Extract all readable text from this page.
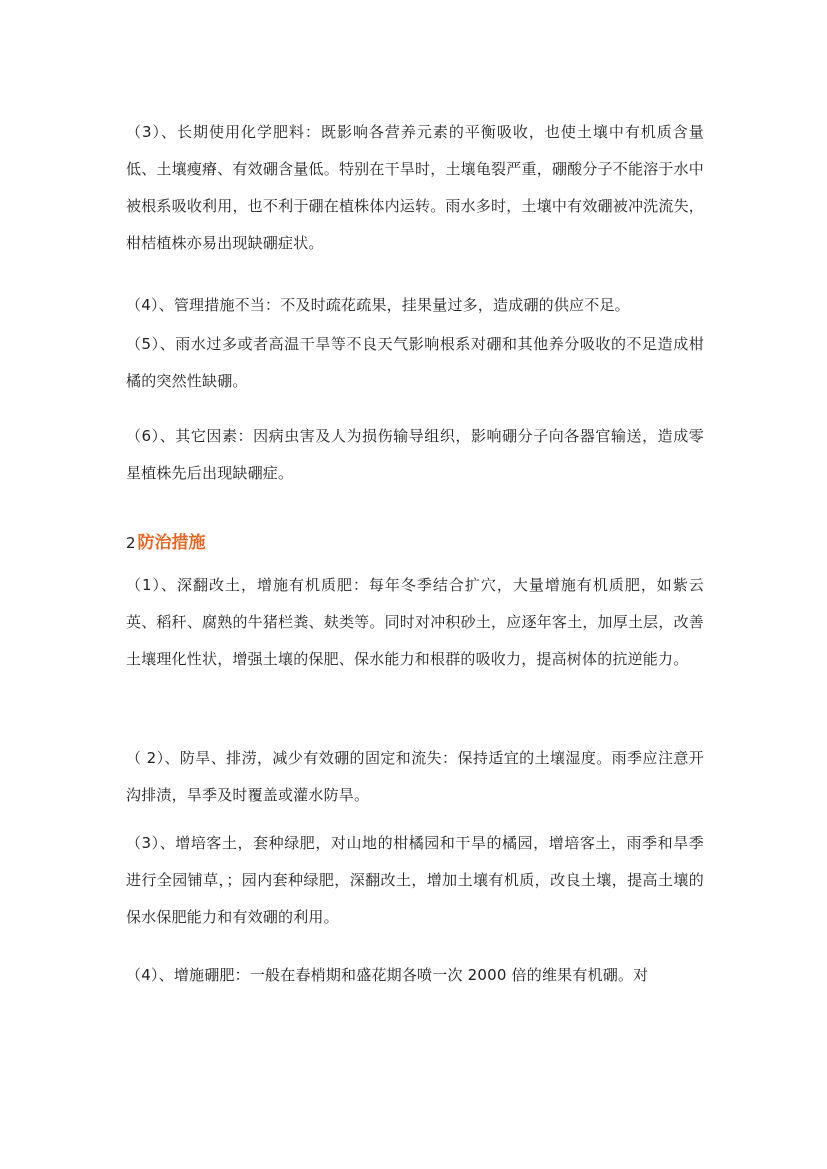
（3）、长期使用化学肥料：既影响各营养元素的平衡吸收，也使土壤中有机质含量低、土壤瘦瘠、有效硼含量低。特别在干旱时，土壤龟裂严重，硼酸分子不能溶于水中被根系吸收利用，也不利于硼在植株体内运转。雨水多时，土壤中有效硼被冲洗流失，柑桔植株亦易出现缺硼症状。

（4）、管理措施不当：不及时疏花疏果，挂果量过多，造成硼的供应不足。

（5）、雨水过多或者高温干旱等不良天气影响根系对硼和其他养分吸收的不足造成柑橘的突然性缺硼。

（6）、其它因素：因病虫害及人为损伤输导组织，影响硼分子向各器官输送，造成零星植株先后出现缺硼症。

2 防治措施

（1）、深翻改土，增施有机质肥：每年冬季结合扩穴，大量增施有机质肥，如紫云英、稻秆、腐熟的牛猪栏粪、麸类等。同时对冲积砂土，应逐年客土，加厚土层，改善土壤理化性状，增强土壤的保肥、保水能力和根群的吸收力，提高树体的抗逆能力。

（ 2）、防旱、排涝，减少有效硼的固定和流失：保持适宜的土壤湿度。雨季应注意开沟排渍，旱季及时覆盖或灌水防旱。

（3）、增培客土，套种绿肥，对山地的柑橘园和干旱的橘园，增培客土，雨季和旱季进行全园铺草，；园内套种绿肥，深翻改土，增加土壤有机质，改良土壤，提高土壤的保水保肥能力和有效硼的利用。

（4）、增施硼肥：一般在春梢期和盛花期各喷一次 2000 倍的维果有机硼。对
